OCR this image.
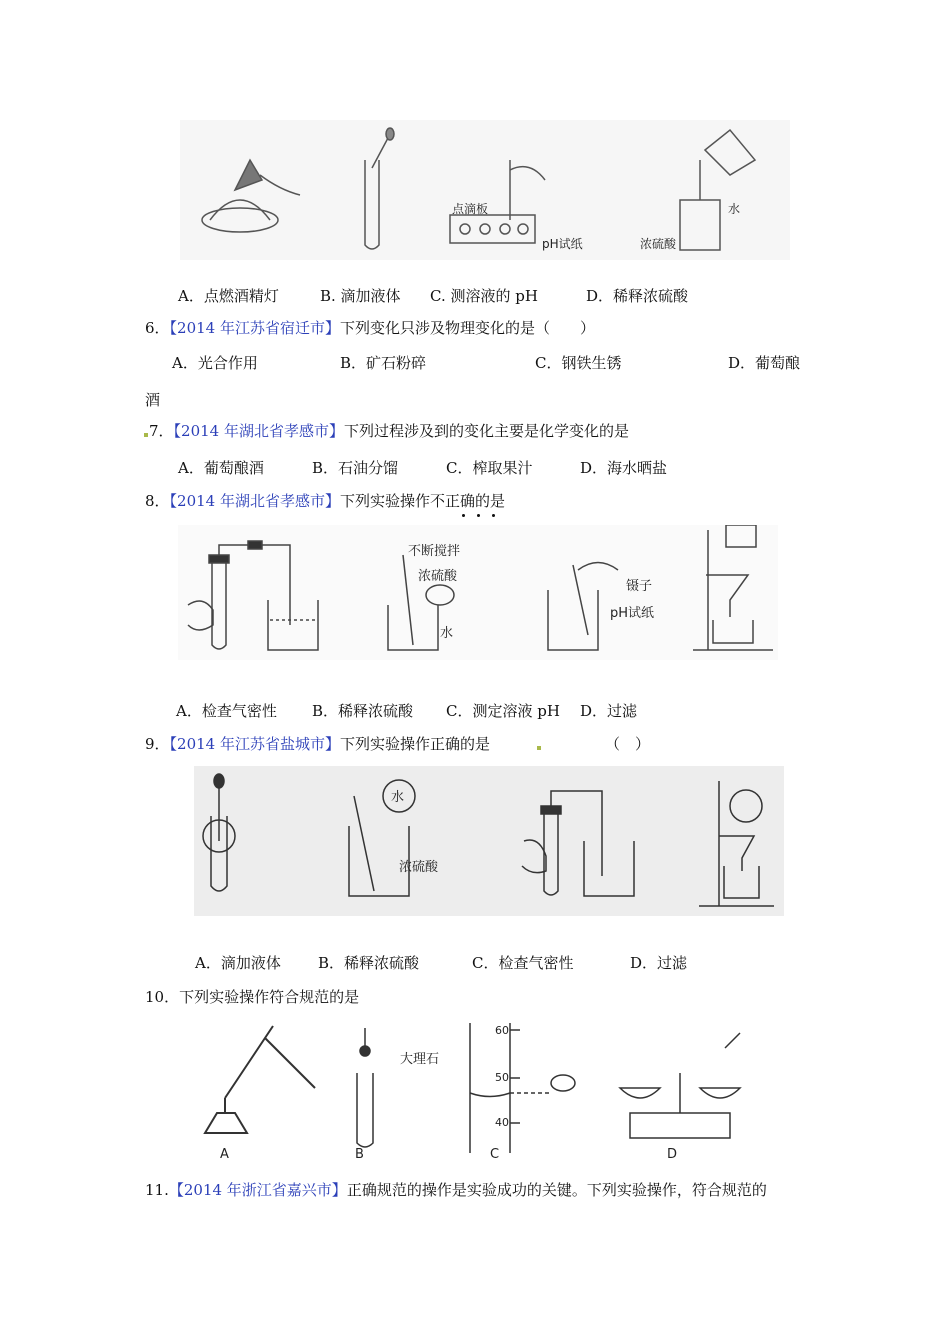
点滴板
pH试纸
水
浓硫酸
A．点燃酒精灯	B. 滴加液体 C. 测溶液的 pH	D．稀释浓硫酸
6．【2014 年江苏省宿迁市】下列变化只涉及物理变化的是（　　）
A．光合作用	B．矿石粉碎	C．钢铁生锈	D．葡萄酿
酒
7．【2014 年湖北省孝感市】下列过程涉及到的变化主要是化学变化的是
A．葡萄酿酒	B．石油分馏	C．榨取果汁	D．海水晒盐
8．【2014 年湖北省孝感市】下列实验操作不正确的是
不断搅拌
浓硫酸
水
镊子
pH试纸
A．检查气密性 B．稀释浓硫酸 C．测定溶液 pH D．过滤
9．【2014 年江苏省盐城市】下列实验操作正确的是	（　）
水
浓硫酸
A．滴加液体 B．稀释浓硫酸	C．检查气密性	D．过滤
10．下列实验操作符合规范的是
A
大理石
B
60
50
40
C	D
11.【2014 年浙江省嘉兴市】正确规范的操作是实验成功的关键。下列实验操作，符合规范的
